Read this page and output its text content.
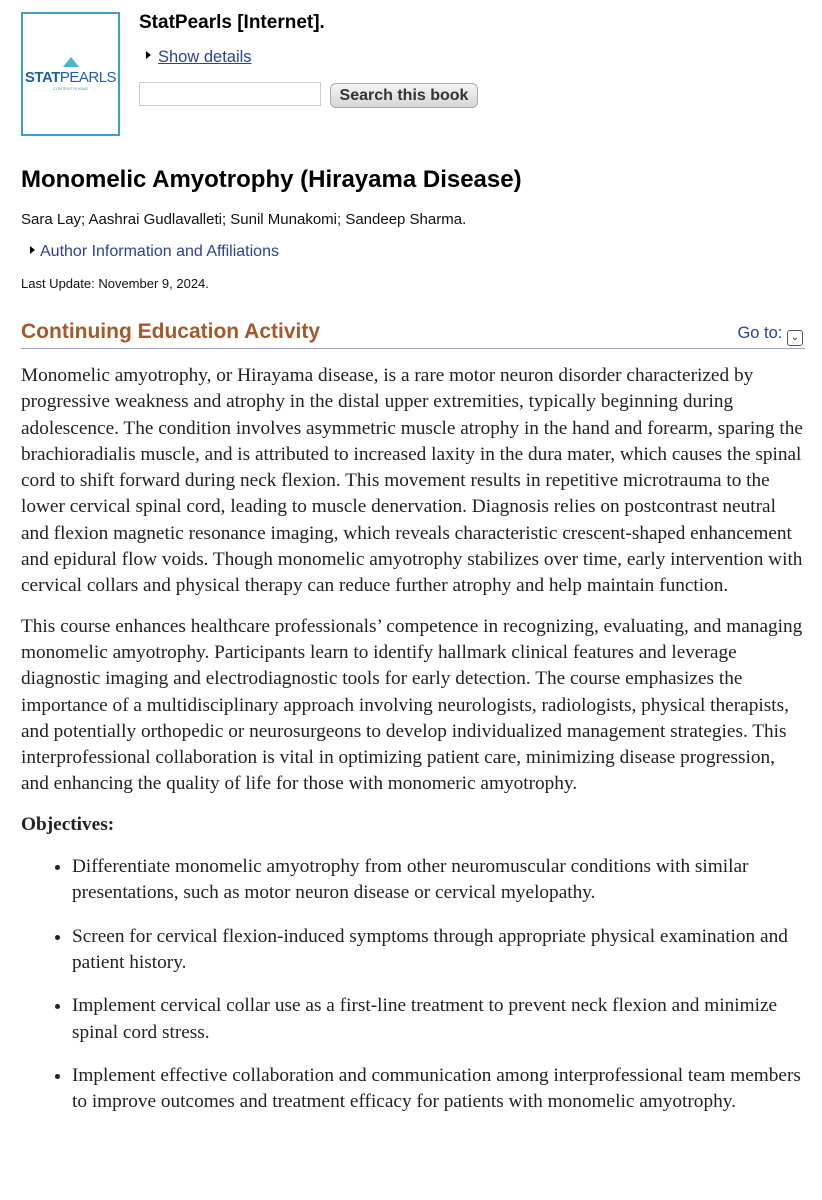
STATPEARLS
CONTENT IS KING
StatPearls [Internet].
Show details
Search this book
Monomelic Amyotrophy (Hirayama Disease)
Sara Lay; Aashrai Gudlavalleti; Sunil Munakomi; Sandeep Sharma.
Author Information and Affiliations
Last Update: November 9, 2024.
Continuing Education Activity	Go to: ⌄

Monomelic amyotrophy, or Hirayama disease, is a rare motor neuron disorder characterized by progressive weakness and atrophy in the distal upper extremities, typically beginning during adolescence. The condition involves asymmetric muscle atrophy in the hand and forearm, sparing the brachioradialis muscle, and is attributed to increased laxity in the dura mater, which causes the spinal cord to shift forward during neck flexion. This movement results in repetitive microtrauma to the lower cervical spinal cord, leading to muscle denervation. Diagnosis relies on postcontrast neutral and flexion magnetic resonance imaging, which reveals characteristic crescent-shaped enhancement and epidural flow voids. Though monomelic amyotrophy stabilizes over time, early intervention with cervical collars and physical therapy can reduce further atrophy and help maintain function.

This course enhances healthcare professionals’ competence in recognizing, evaluating, and managing monomelic amyotrophy. Participants learn to identify hallmark clinical features and leverage diagnostic imaging and electrodiagnostic tools for early detection. The course emphasizes the importance of a multidisciplinary approach involving neurologists, radiologists, physical therapists, and potentially orthopedic or neurosurgeons to develop individualized management strategies. This interprofessional collaboration is vital in optimizing patient care, minimizing disease progression, and enhancing the quality of life for those with monomeric amyotrophy.

Objectives:

• Differentiate monomelic amyotrophy from other neuromuscular conditions with similar presentations, such as motor neuron disease or cervical myelopathy.
• Screen for cervical flexion-induced symptoms through appropriate physical examination and patient history.
• Implement cervical collar use as a first-line treatment to prevent neck flexion and minimize spinal cord stress.
• Implement effective collaboration and communication among interprofessional team members to improve outcomes and treatment efficacy for patients with monomelic amyotrophy.
